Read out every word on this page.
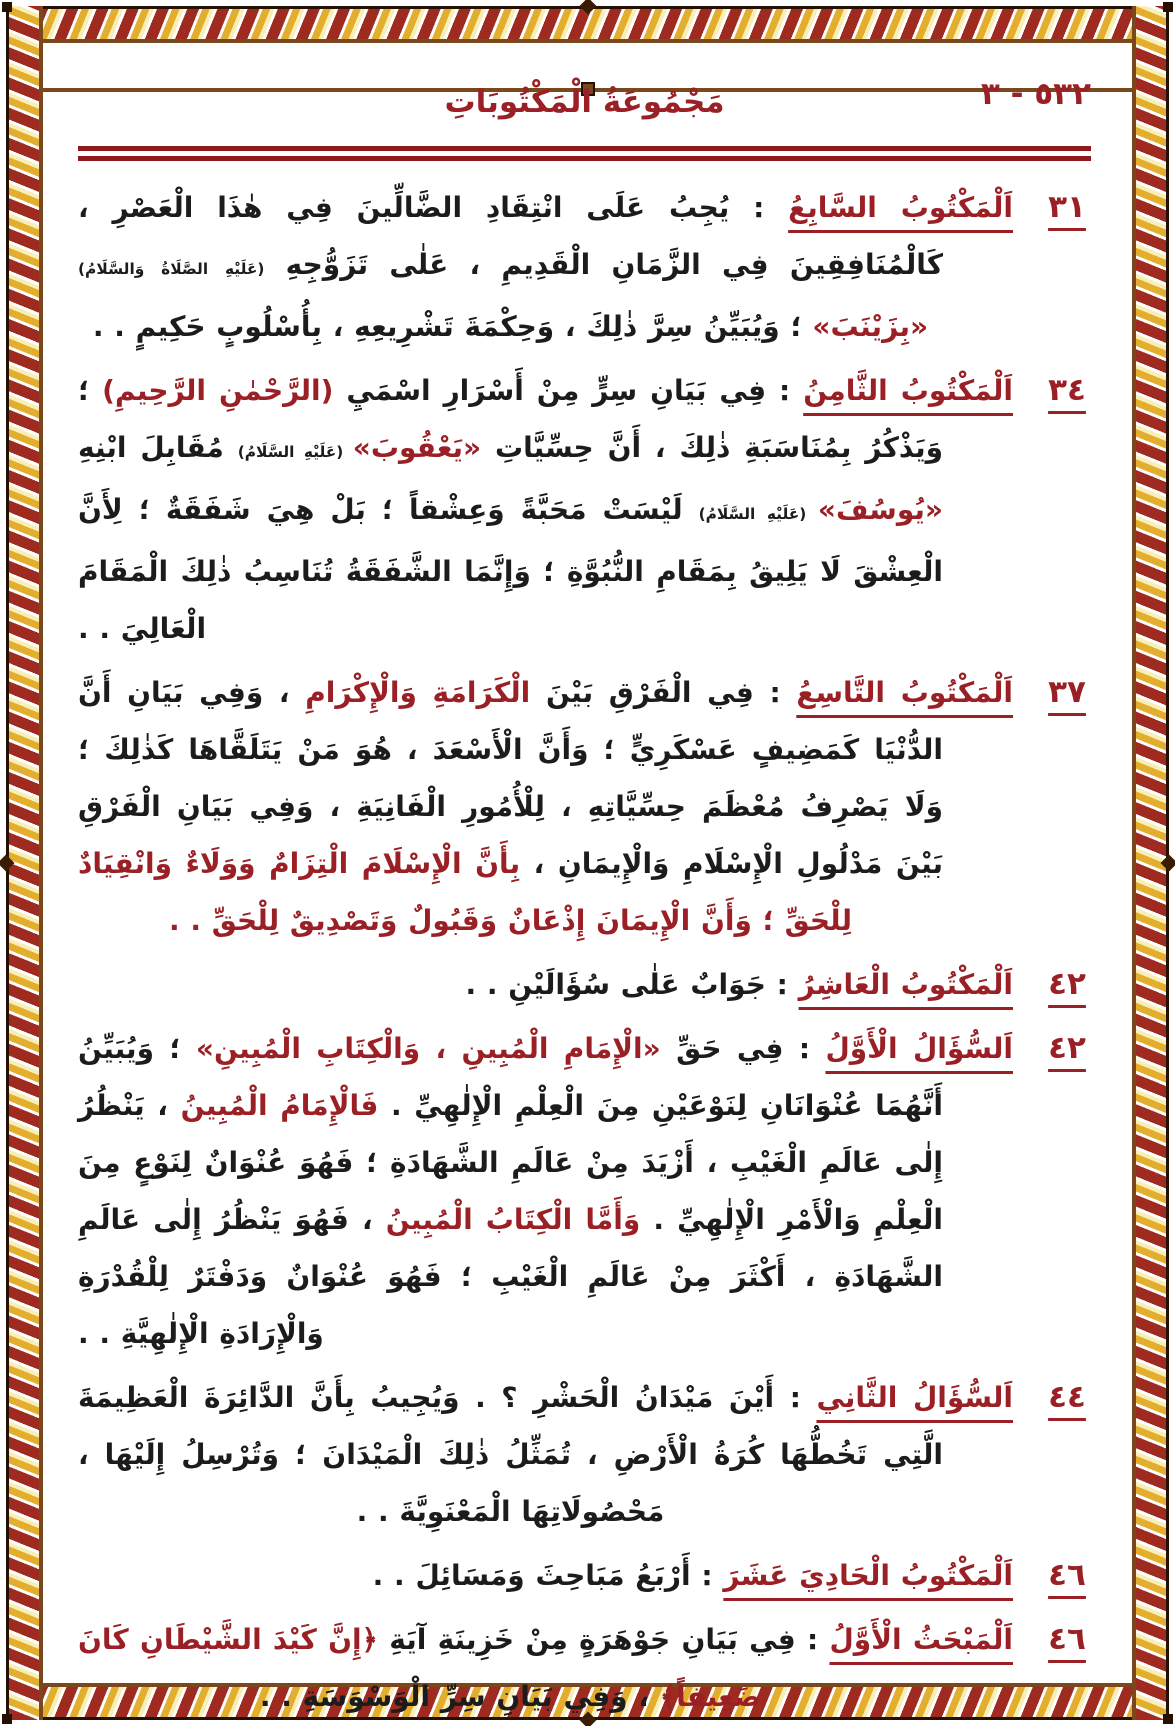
٥٣٢ - ٣
مَجْمُوعَةُ الْمَكْتُوبَاتِ
٣١

اَلْمَكْتُوبُ السَّابِعُ : يُجِبُ عَلَى انْتِقَادِ الضَّالِّينَ فِي هٰذَا الْعَصْرِ ، كَالْمُنَافِقِينَ فِي الزَّمَانِ الْقَدِيمِ ، عَلٰى تَزَوُّجِهِ (عَلَيْهِ الصَّلَاةُ وَالسَّلَامُ) «بِزَيْنَبَ» ؛ وَيُبَيِّنُ سِرَّ ذٰلِكَ ، وَحِكْمَةَ تَشْرِيعِهِ ، بِأُسْلُوبٍ حَكِيمٍ . .

٣٤

اَلْمَكْتُوبُ الثَّامِنُ : فِي بَيَانِ سِرٍّ مِنْ أَسْرَارِ اسْمَيِ (الرَّحْمٰنِ الرَّحِيمِ) ؛ وَيَذْكُرُ بِمُنَاسَبَةِ ذٰلِكَ ، أَنَّ حِسِّيَّاتِ «يَعْقُوبَ» (عَلَيْهِ السَّلَامُ) مُقَابِلَ ابْنِهِ «يُوسُفَ» (عَلَيْهِ السَّلَامُ) لَيْسَتْ مَحَبَّةً وَعِشْقاً ؛ بَلْ هِيَ شَفَقَةٌ ؛ لِأَنَّ الْعِشْقَ لَا يَلِيقُ بِمَقَامِ النُّبُوَّةِ ؛ وَإِنَّمَا الشَّفَقَةُ تُنَاسِبُ ذٰلِكَ الْمَقَامَ الْعَالِيَ . .

٣٧

اَلْمَكْتُوبُ التَّاسِعُ : فِي الْفَرْقِ بَيْنَ الْكَرَامَةِ وَالْإِكْرَامِ ، وَفِي بَيَانِ أَنَّ الدُّنْيَا كَمَضِيفٍ عَسْكَرِيٍّ ؛ وَأَنَّ الْأَسْعَدَ ، هُوَ مَنْ يَتَلَقَّاهَا كَذٰلِكَ ؛ وَلَا يَصْرِفُ مُعْظَمَ حِسِّيَّاتِهِ ، لِلْأُمُورِ الْفَانِيَةِ ، وَفِي بَيَانِ الْفَرْقِ بَيْنَ مَدْلُولِ الْإِسْلَامِ وَالْإِيمَانِ ، بِأَنَّ الْإِسْلَامَ الْتِزَامٌ وَوَلَاءٌ وَانْقِيَادٌ لِلْحَقِّ ؛ وَأَنَّ الْإِيمَانَ إِذْعَانٌ وَقَبُولٌ وَتَصْدِيقٌ لِلْحَقِّ . .

٤٢

اَلْمَكْتُوبُ الْعَاشِرُ : جَوَابٌ عَلٰى سُؤَالَيْنِ . .

٤٢

اَلسُّؤَالُ الْأَوَّلُ : فِي حَقِّ «الْإِمَامِ الْمُبِينِ ، وَالْكِتَابِ الْمُبِينِ» ؛ وَيُبَيِّنُ أَنَّهُمَا عُنْوَانَانِ لِنَوْعَيْنِ مِنَ الْعِلْمِ الْإِلٰهِيِّ . فَالْإِمَامُ الْمُبِينُ ، يَنْظُرُ إِلٰى عَالَمِ الْغَيْبِ ، أَزْيَدَ مِنْ عَالَمِ الشَّهَادَةِ ؛ فَهُوَ عُنْوَانٌ لِنَوْعٍ مِنَ الْعِلْمِ وَالْأَمْرِ الْإِلٰهِيِّ . وَأَمَّا الْكِتَابُ الْمُبِينُ ، فَهُوَ يَنْظُرُ إِلٰى عَالَمِ الشَّهَادَةِ ، أَكْثَرَ مِنْ عَالَمِ الْغَيْبِ ؛ فَهُوَ عُنْوَانٌ وَدَفْتَرٌ لِلْقُدْرَةِ وَالْإِرَادَةِ الْإِلٰهِيَّةِ . .

٤٤

اَلسُّؤَالُ الثَّانِي : أَيْنَ مَيْدَانُ الْحَشْرِ ؟ . وَيُجِيبُ بِأَنَّ الدَّائِرَةَ الْعَظِيمَةَ الَّتِي تَخُطُّهَا كُرَةُ الْأَرْضِ ، تُمَثِّلُ ذٰلِكَ الْمَيْدَانَ ؛ وَتُرْسِلُ إِلَيْهَا ، مَحْصُولَاتِهَا الْمَعْنَوِيَّةَ . .

٤٦

اَلْمَكْتُوبُ الْحَادِيَ عَشَرَ : أَرْبَعُ مَبَاحِثَ وَمَسَائِلَ . .

٤٦

اَلْمَبْحَثُ الْأَوَّلُ : فِي بَيَانِ جَوْهَرَةٍ مِنْ خَزِينَةِ آيَةِ ﴿إِنَّ كَيْدَ الشَّيْطَانِ كَانَ ضَعِيفاً﴾ ، وَفِي بَيَانِ سِرِّ الْوَسْوَسَةِ . .
